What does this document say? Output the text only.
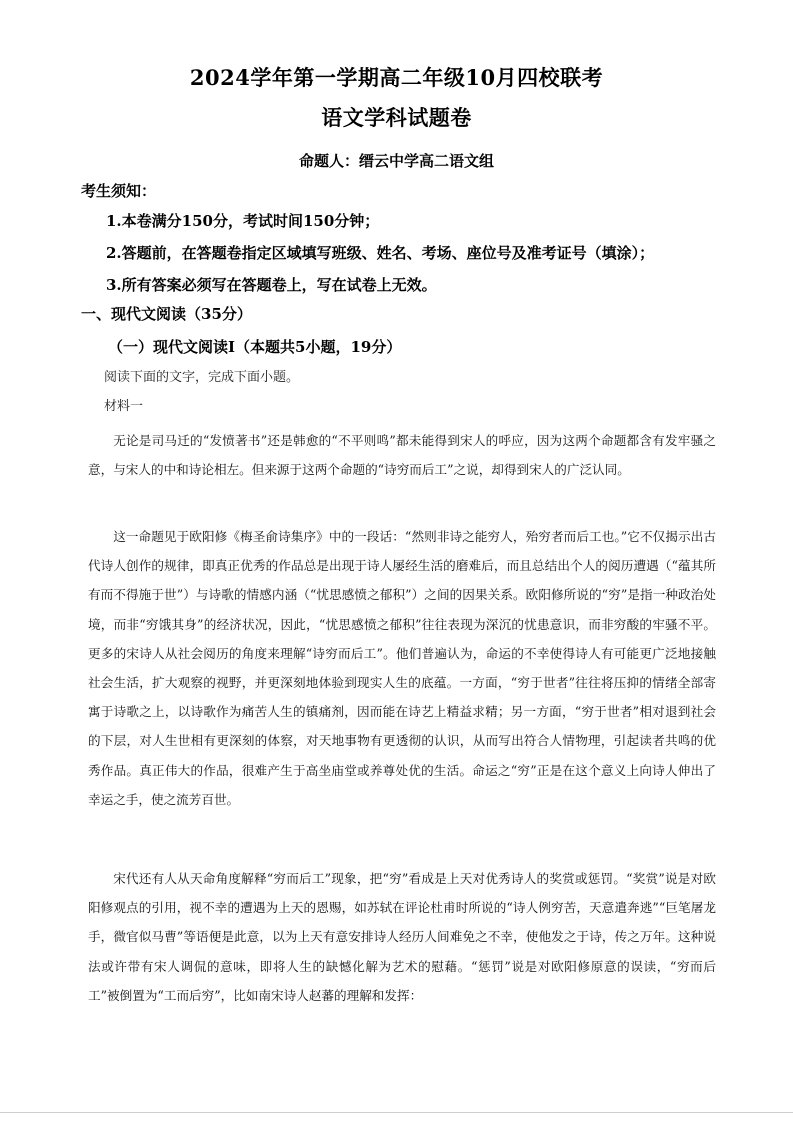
2024学年第一学期高二年级10月四校联考
语文学科试题卷
命题人：缙云中学高二语文组
考生须知：
1.本卷满分150分，考试时间150分钟；
2.答题前，在答题卷指定区域填写班级、姓名、考场、座位号及准考证号（填涂）；
3.所有答案必须写在答题卷上，写在试卷上无效。
一、现代文阅读（35分）
（一）现代文阅读Ⅰ（本题共5小题，19分）
阅读下面的文字，完成下面小题。
材料一

无论是司马迁的“发愤著书”还是韩愈的“不平则鸣”都未能得到宋人的呼应，因为这两个命题都含有发牢骚之意，与宋人的中和诗论相左。但来源于这两个命题的“诗穷而后工”之说，却得到宋人的广泛认同。

这一命题见于欧阳修《梅圣俞诗集序》中的一段话：“然则非诗之能穷人，殆穷者而后工也。”它不仅揭示出古代诗人创作的规律，即真正优秀的作品总是出现于诗人屡经生活的磨难后，而且总结出个人的阅历遭遇（“蕴其所有而不得施于世”）与诗歌的情感内涵（“忧思感愤之郁积”）之间的因果关系。欧阳修所说的“穷”是指一种政治处境，而非“穷饿其身”的经济状况，因此，“忧思感愤之郁积”往往表现为深沉的忧患意识，而非穷酸的牢骚不平。更多的宋诗人从社会阅历的角度来理解“诗穷而后工”。他们普遍认为，命运的不幸使得诗人有可能更广泛地接触社会生活，扩大观察的视野，并更深刻地体验到现实人生的底蕴。一方面，“穷于世者”往往将压抑的情绪全部寄寓于诗歌之上，以诗歌作为痛苦人生的镇痛剂，因而能在诗艺上精益求精；另一方面，“穷于世者”相对退到社会的下层，对人生世相有更深刻的体察，对天地事物有更透彻的认识，从而写出符合人情物理，引起读者共鸣的优秀作品。真正伟大的作品，很难产生于高坐庙堂或养尊处优的生活。命运之“穷”正是在这个意义上向诗人伸出了幸运之手，使之流芳百世。

宋代还有人从天命角度解释“穷而后工”现象，把“穷”看成是上天对优秀诗人的奖赏或惩罚。“奖赏”说是对欧阳修观点的引用，视不幸的遭遇为上天的恩赐，如苏轼在评论杜甫时所说的“诗人例穷苦，天意遣奔逃”“巨笔屠龙手，微官似马曹”等语便是此意，以为上天有意安排诗人经历人间难免之不幸，使他发之于诗，传之万年。这种说法或许带有宋人调侃的意味，即将人生的缺憾化解为艺术的慰藉。“惩罚”说是对欧阳修原意的误读，“穷而后工”被倒置为“工而后穷”，比如南宋诗人赵蕃的理解和发挥：
